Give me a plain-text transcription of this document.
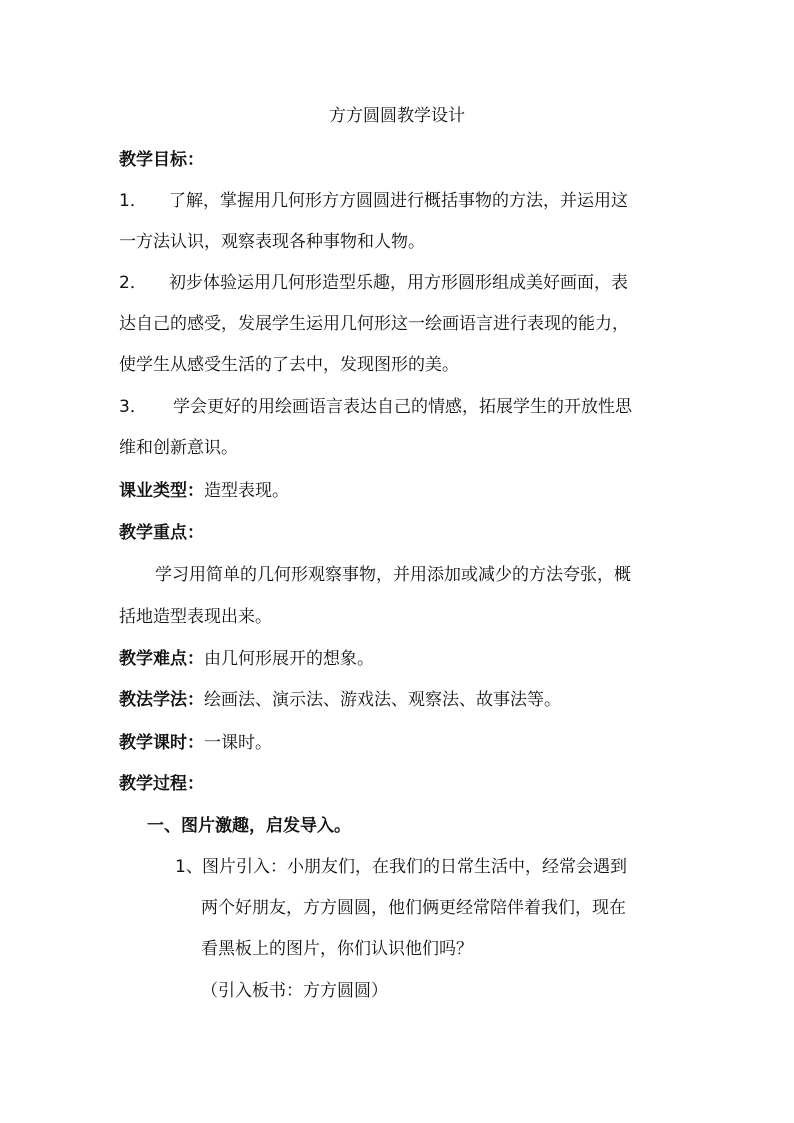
方方圆圆教学设计
教学目标：
1． 了解，掌握用几何形方方圆圆进行概括事物的方法，并运用这
一方法认识，观察表现各种事物和人物。
2． 初步体验运用几何形造型乐趣，用方形圆形组成美好画面，表
达自己的感受，发展学生运用几何形这一绘画语言进行表现的能力，
使学生从感受生活的了去中，发现图形的美。
3． 学会更好的用绘画语言表达自己的情感，拓展学生的开放性思
维和创新意识。
课业类型：造型表现。
教学重点：
学习用简单的几何形观察事物，并用添加或减少的方法夸张，概
括地造型表现出来。
教学难点：由几何形展开的想象。
教法学法：绘画法、演示法、游戏法、观察法、故事法等。
教学课时：一课时。
教学过程：
一、图片激趣，启发导入。
1、图片引入：小朋友们，在我们的日常生活中，经常会遇到
两个好朋友，方方圆圆，他们俩更经常陪伴着我们，现在
看黑板上的图片，你们认识他们吗？
（引入板书：方方圆圆）
